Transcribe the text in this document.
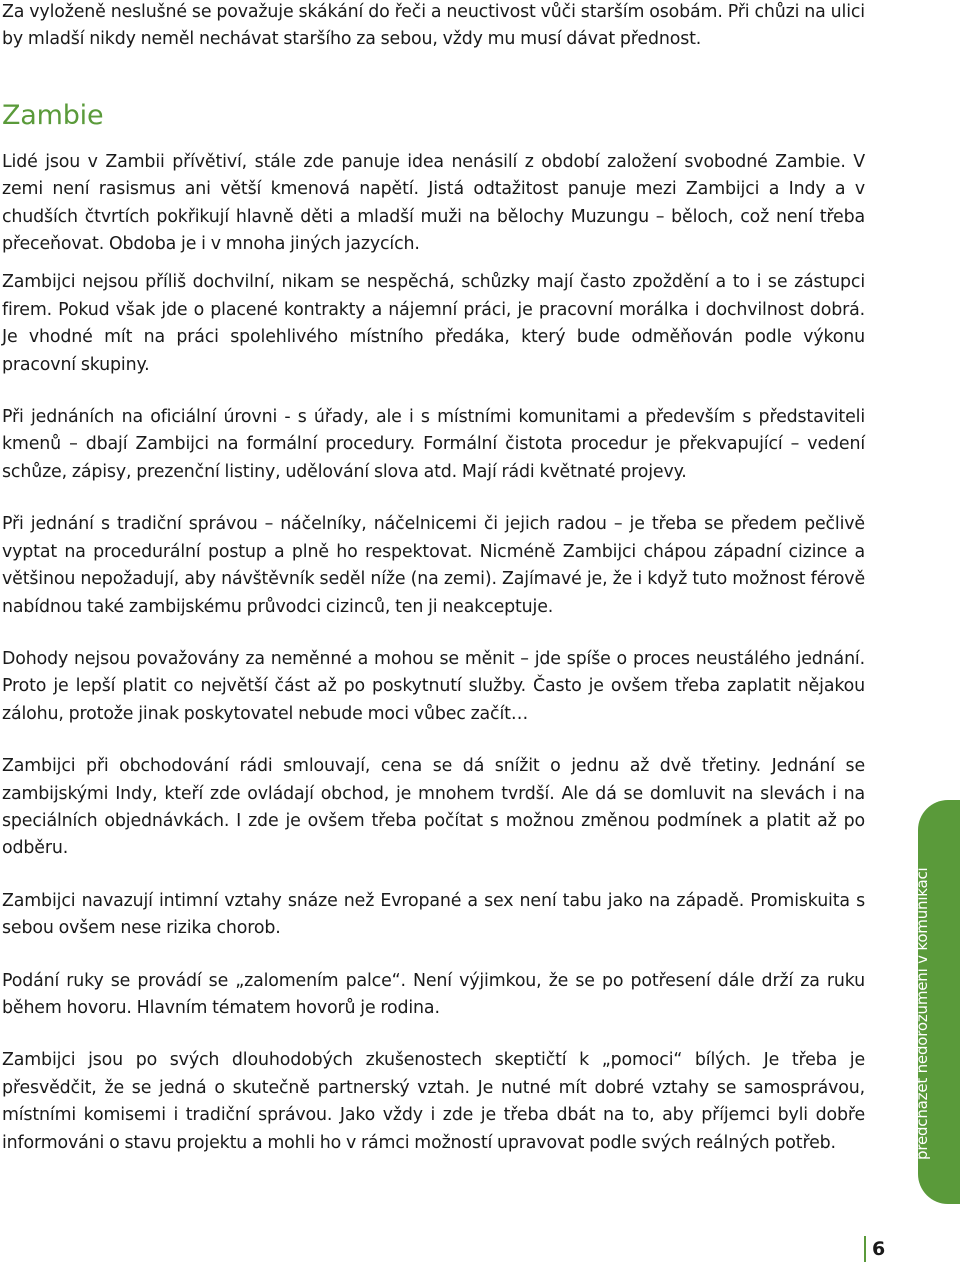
Za vyloženě neslušné se považuje skákání do řeči a neuctivost vůči starším osobám. Při chůzi na ulici by mladší nikdy neměl nechávat staršího za sebou, vždy mu musí dávat přednost.

Zambie

Lidé jsou v Zambii přívětiví, stále zde panuje idea nenásilí z období založení svobodné Zambie. V zemi není rasismus ani větší kmenová napětí. Jistá odtažitost panuje mezi Zambijci a Indy a v chudších čtvrtích pokřikují hlavně děti a mladší muži na bělochy Muzungu – běloch, což není třeba přeceňovat. Obdoba je i v mnoha jiných jazycích.

Zambijci nejsou příliš dochvilní, nikam se nespěchá, schůzky mají často zpoždění a to i se zástupci firem. Pokud však jde o placené kontrakty a nájemní práci, je pracovní morálka i dochvilnost dobrá. Je vhodné mít na práci spolehlivého místního předáka, který bude odměňován podle výkonu pracovní skupiny.

Při jednáních na oficiální úrovni - s úřady, ale i s místními komunitami a především s představiteli kmenů – dbají Zambijci na formální procedury. Formální čistota procedur je překvapující – vedení schůze, zápisy, prezenční listiny, udělování slova atd. Mají rádi květnaté projevy.

Při jednání s tradiční správou – náčelníky, náčelnicemi či jejich radou – je třeba se předem pečlivě vyptat na procedurální postup a plně ho respektovat. Nicméně Zambijci chápou západní cizince a většinou nepožadují, aby návštěvník seděl níže (na zemi). Zajímavé je, že i když tuto možnost férově nabídnou také zambijskému průvodci cizinců, ten ji neakceptuje.

Dohody nejsou považovány za neměnné a mohou se měnit – jde spíše o proces neustálého jednání. Proto je lepší platit co největší část až po poskytnutí služby. Často je ovšem třeba zaplatit nějakou zálohu, protože jinak poskytovatel nebude moci vůbec začít…

Zambijci při obchodování rádi smlouvají, cena se dá snížit o jednu až dvě třetiny. Jednání se zambijskými Indy, kteří zde ovládají obchod, je mnohem tvrdší. Ale dá se domluvit na slevách i na speciálních objednávkách. I zde je ovšem třeba počítat s možnou změnou podmínek a platit až po odběru.

Zambijci navazují intimní vztahy snáze než Evropané a sex není tabu jako na západě. Promiskuita s sebou ovšem nese rizika chorob.

Podání ruky se provádí se „zalomením palce“. Není výjimkou, že se po potřesení dále drží za ruku během hovoru. Hlavním tématem hovorů je rodina.

Zambijci jsou po svých dlouhodobých zkušenostech skeptičtí k „pomoci“ bílých. Je třeba je přesvědčit, že se jedná o skutečně partnerský vztah. Je nutné mít dobré vztahy se samosprávou, místními komisemi i tradiční správou. Jako vždy i zde je třeba dbát na to, aby příjemci byli dobře informováni o stavu projektu a mohli ho v rámci možností upravovat podle svých reálných potřeb.	předcházet nedorozumění v komunikaci
6
